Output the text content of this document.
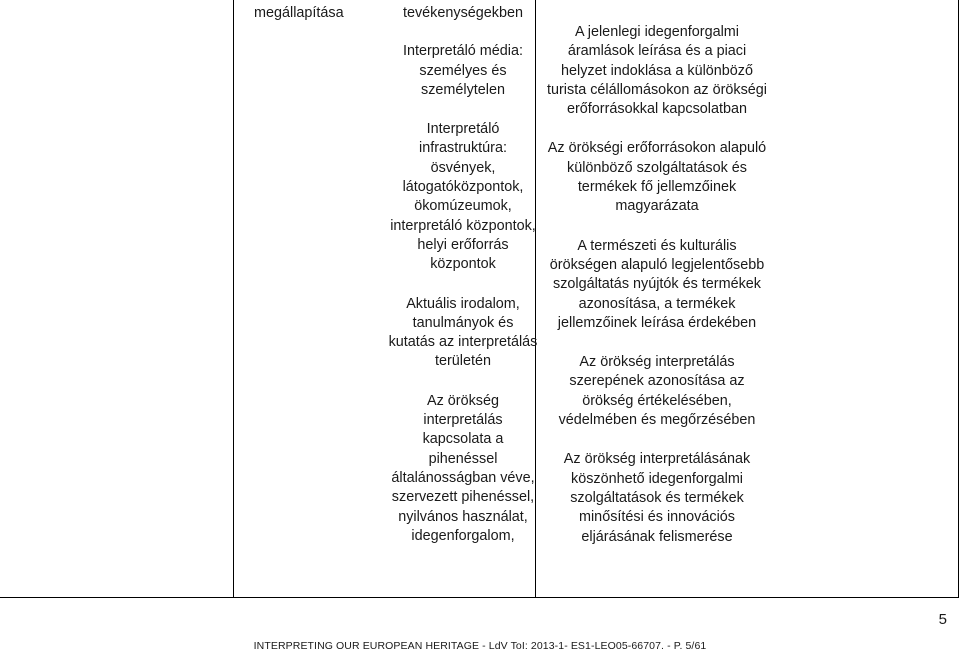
megállapítása	tevékenységekben

Interpretáló média: személyes és személytelen

Interpretáló infrastruktúra: ösvények, látogatóközpontok, ökomúzeumok, interpretáló központok, helyi erőforrás központok

Aktuális irodalom, tanulmányok és kutatás az interpretálás területén

Az örökség interpretálás kapcsolata a pihenéssel általánosságban véve, szervezett pihenéssel, nyilvános használat, idegenforgalom,

A jelenlegi idegenforgalmi áramlások leírása és a piaci helyzet indoklása a különböző turista célállomásokon az örökségi erőforrásokkal kapcsolatban

Az örökségi erőforrásokon alapuló különböző szolgáltatások és termékek fő jellemzőinek magyarázata

A természeti és kulturális örökségen alapuló legjelentősebb szolgáltatás nyújtók és termékek azonosítása, a termékek jellemzőinek leírása érdekében

Az örökség interpretálás szerepének azonosítása az örökség értékelésében, védelmében és megőrzésében

Az örökség interpretálásának köszönhető idegenforgalmi szolgáltatások és termékek minősítési és innovációs eljárásának felismerése

5
INTERPRETING OUR EUROPEAN HERITAGE - LdV ToI: 2013-1- ES1-LEO05-66707. - P. 5/61
